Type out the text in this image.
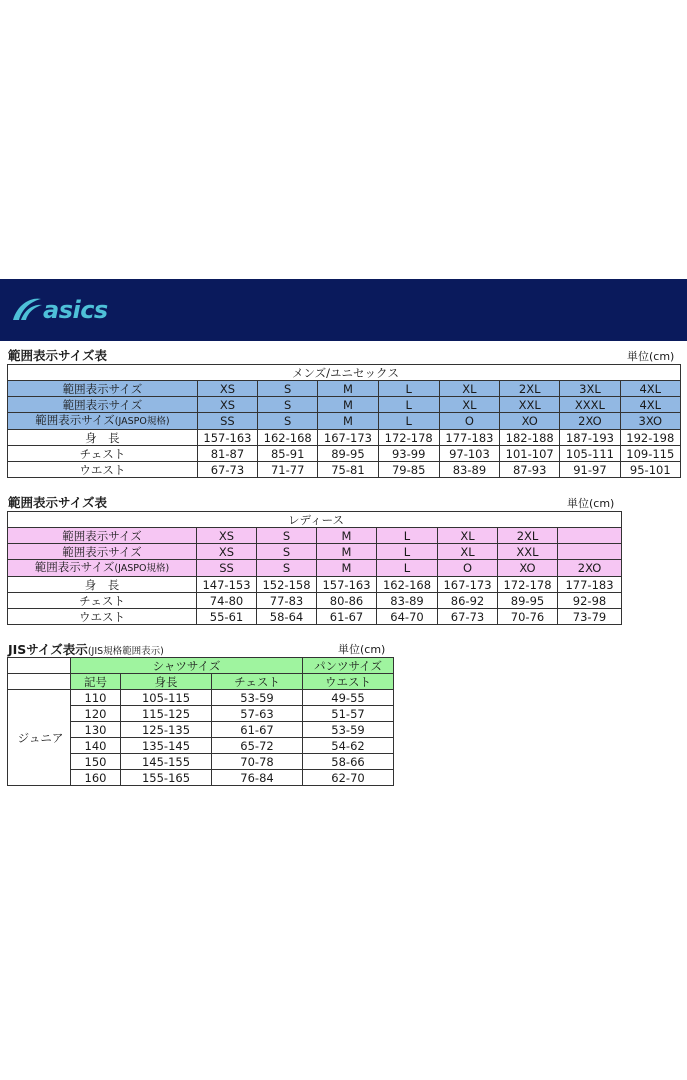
asics
範囲表示サイズ表	単位(cm)
メンズ/ユニセックス								
範囲表示サイズ	XS	S	M	L	XL	2XL	3XL	4XL
範囲表示サイズ	XS	S	M	L	XL	XXL	XXXL	4XL
範囲表示サイズ(JASPO規格)	SS	S	M	L	O	XO	2XO	3XO
身　長	157-163	162-168	167-173	172-178	177-183	182-188	187-193	192-198
チェスト	81-87	85-91	89-95	93-99	97-103	101-107	105-111	109-115
ウエスト	67-73	71-77	75-81	79-85	83-89	87-93	91-97	95-101
範囲表示サイズ表	単位(cm)
レディース							
範囲表示サイズ	XS	S	M	L	XL	2XL	
範囲表示サイズ	XS	S	M	L	XL	XXL	
範囲表示サイズ(JASPO規格)	SS	S	M	L	O	XO	2XO
身　長	147-153	152-158	157-163	162-168	167-173	172-178	177-183
チェスト	74-80	77-83	80-86	83-89	86-92	89-95	92-98
ウエスト	55-61	58-64	61-67	64-70	67-73	70-76	73-79
JISサイズ表示(JIS規格範囲表示)	単位(cm)
	シャツサイズ			パンツサイズ
	記号	身長	チェスト	ウエスト
ジュニア	110	105-115	53-59	49-55
	120	115-125	57-63	51-57
	130	125-135	61-67	53-59
	140	135-145	65-72	54-62
	150	145-155	70-78	58-66
	160	155-165	76-84	62-70
